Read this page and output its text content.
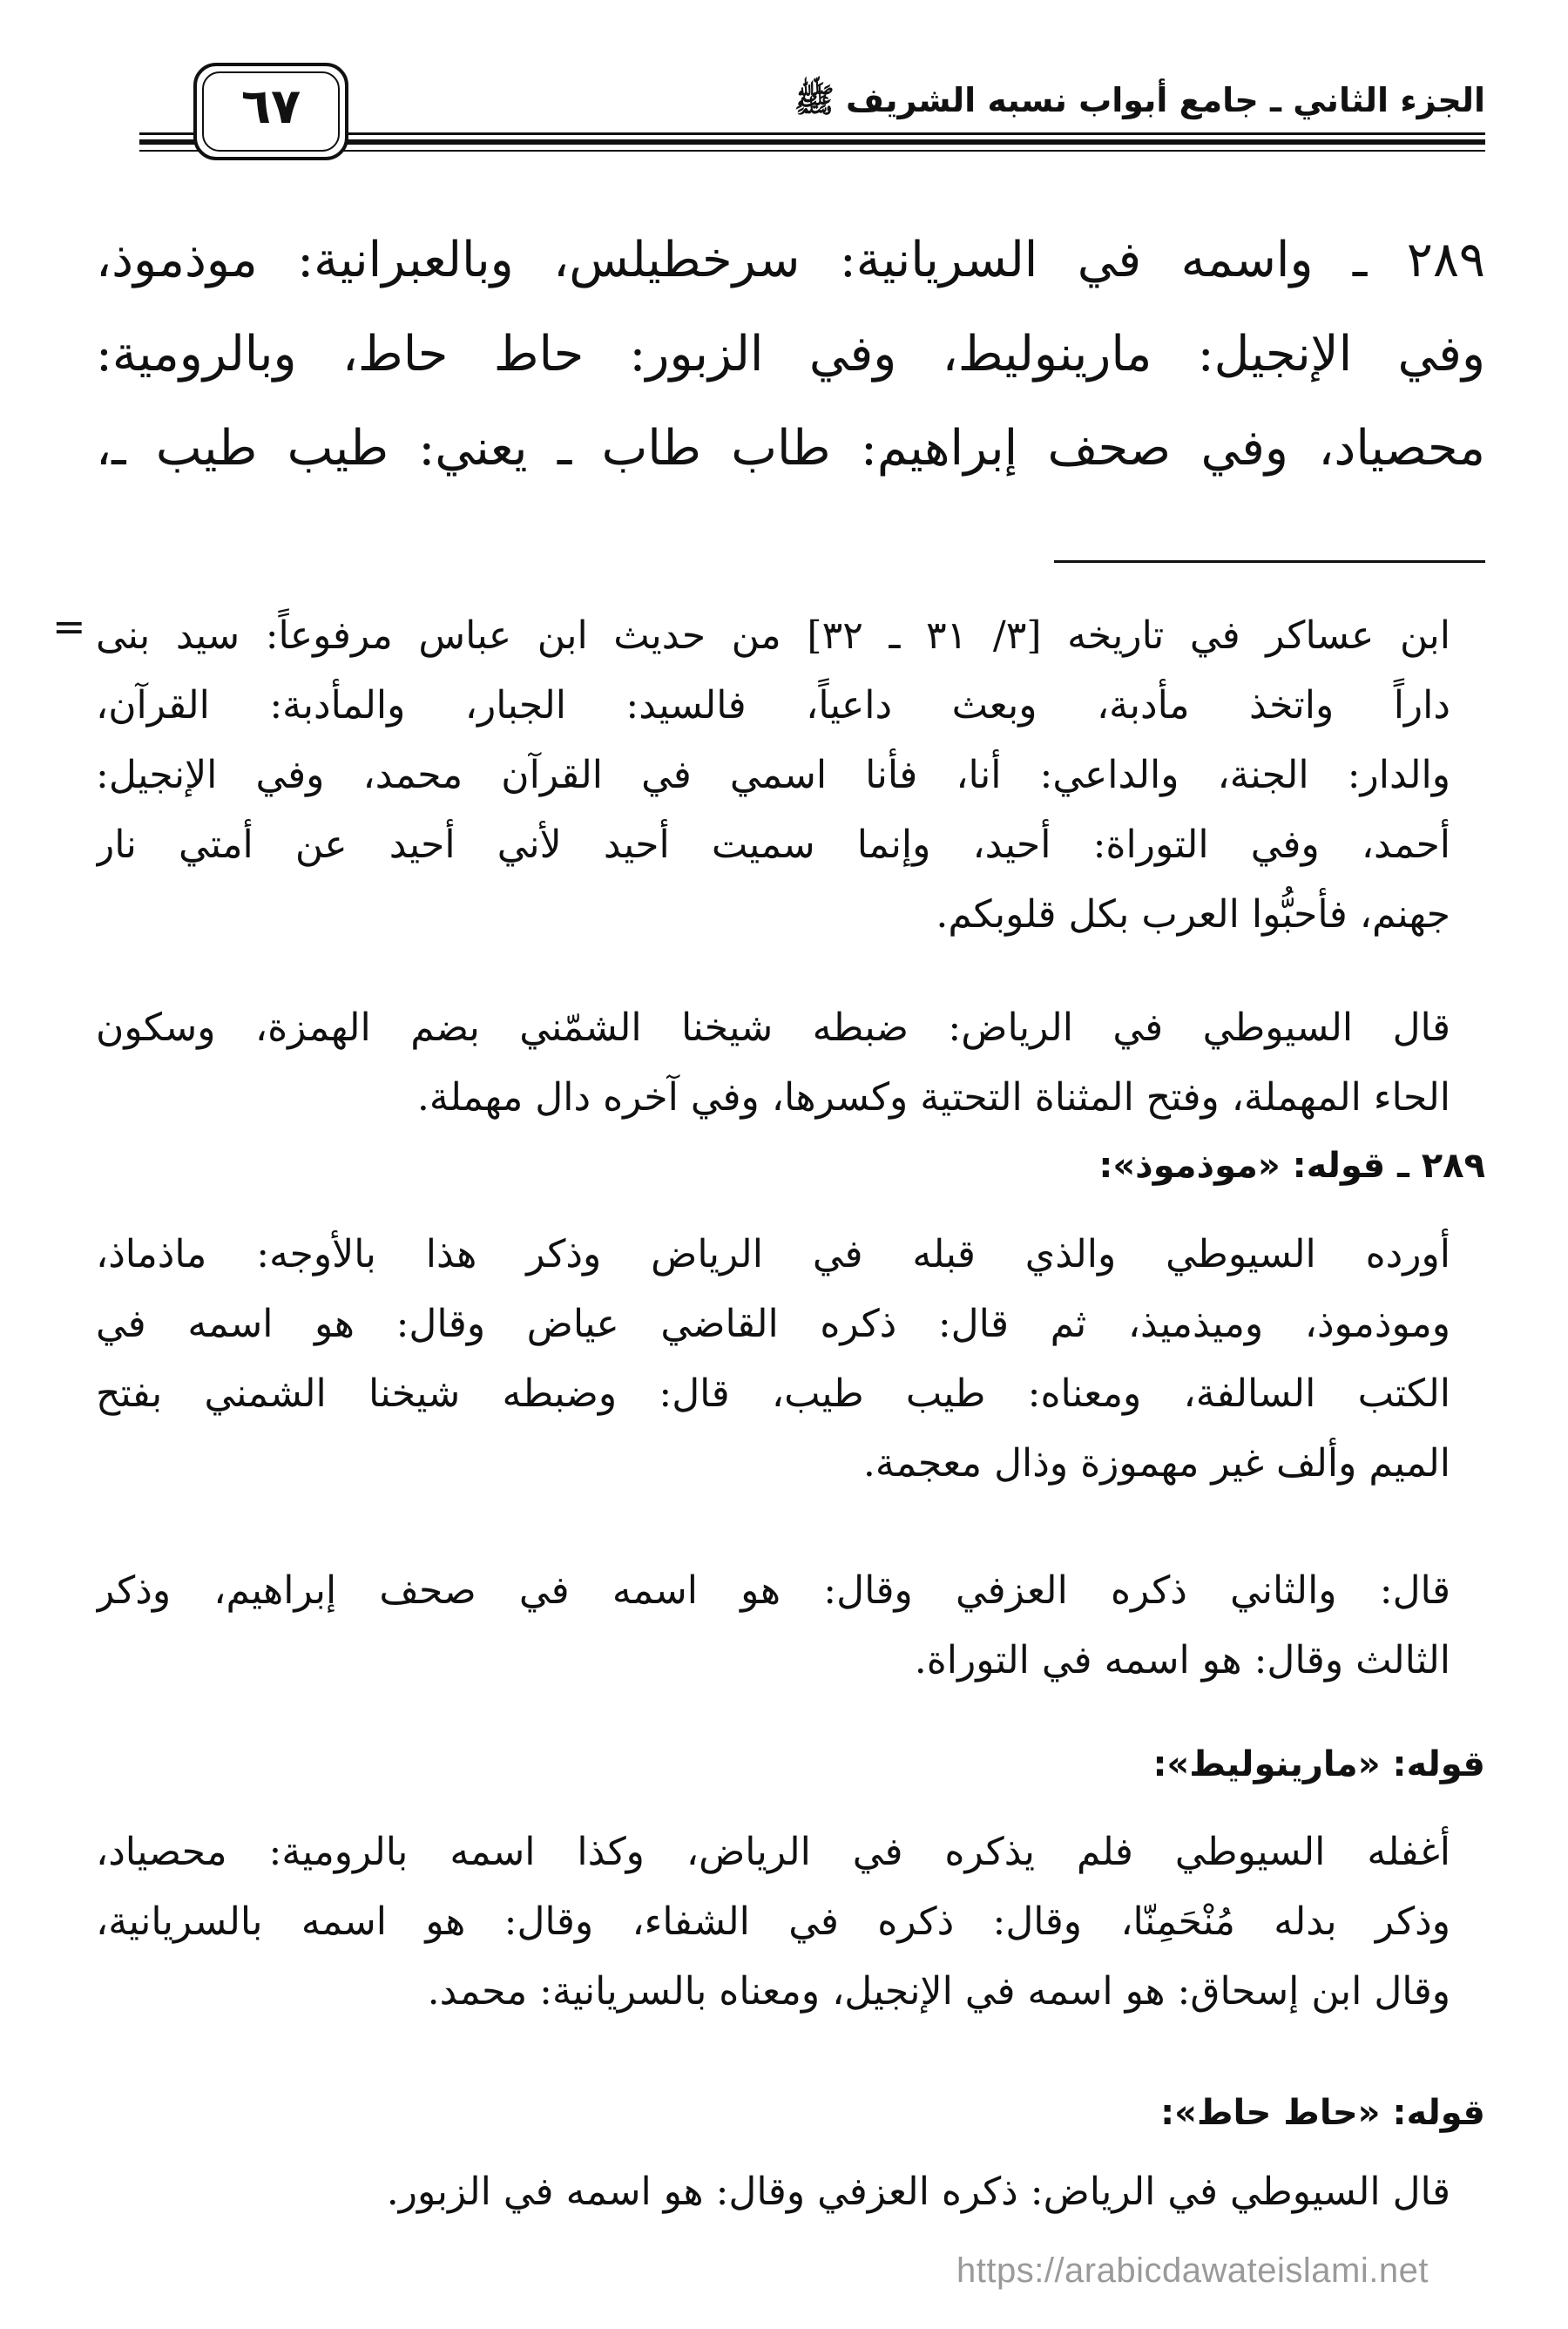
الجزء الثاني ـ جامع أبواب نسبه الشريف ﷺ
٦٧
٢٨٩ ـ واسمه في السريانية: سرخطيلس، وبالعبرانية: موذموذ،
وفي الإنجيل: مارينوليط، وفي الزبور: حاط حاط، وبالرومية:
محصياد، وفي صحف إبراهيم: طاب طاب ـ يعني: طيب طيب ـ،
= ابن عساكر في تاريخه [٣/ ٣١ ـ ٣٢] من حديث ابن عباس مرفوعاً: سيد بنى
داراً واتخذ مأدبة، وبعث داعياً، فالسيد: الجبار، والمأدبة: القرآن،
والدار: الجنة، والداعي: أنا، فأنا اسمي في القرآن محمد، وفي الإنجيل:
أحمد، وفي التوراة: أحيد، وإنما سميت أحيد لأني أحيد عن أمتي نار
جهنم، فأحبُّوا العرب بكل قلوبكم.
قال السيوطي في الرياض: ضبطه شيخنا الشمّني بضم الهمزة، وسكون
الحاء المهملة، وفتح المثناة التحتية وكسرها، وفي آخره دال مهملة.
٢٨٩ ـ قوله: «موذموذ»:
أورده السيوطي والذي قبله في الرياض وذكر هذا بالأوجه: ماذماذ،
وموذموذ، وميذميذ، ثم قال: ذكره القاضي عياض وقال: هو اسمه في
الكتب السالفة، ومعناه: طيب طيب، قال: وضبطه شيخنا الشمني بفتح
الميم وألف غير مهموزة وذال معجمة.
قال: والثاني ذكره العزفي وقال: هو اسمه في صحف إبراهيم، وذكر
الثالث وقال: هو اسمه في التوراة.
قوله: «مارينوليط»:
أغفله السيوطي فلم يذكره في الرياض، وكذا اسمه بالرومية: محصياد،
وذكر بدله مُنْحَمِنّا، وقال: ذكره في الشفاء، وقال: هو اسمه بالسريانية،
وقال ابن إسحاق: هو اسمه في الإنجيل، ومعناه بالسريانية: محمد.
قوله: «حاط حاط»:
قال السيوطي في الرياض: ذكره العزفي وقال: هو اسمه في الزبور.
https://arabicdawateislami.net
